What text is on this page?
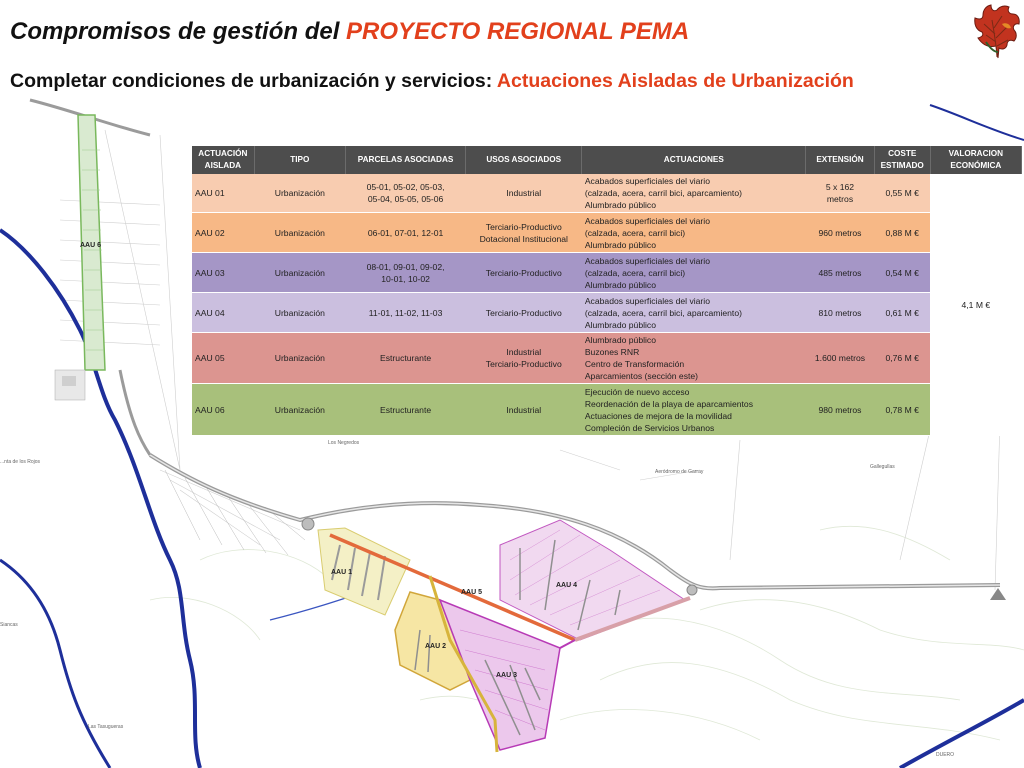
Compromisos de gestión del PROYECTO REGIONAL PEMA
Completar condiciones de urbanización y servicios: Actuaciones Aisladas de Urbanización
AAU 6
AAU 1
AAU 5
AAU 4
AAU 2
AAU 3
Los Negredos
Aeródromo de Garray
Gallegullas
...nta de los Rojos
Siancas
Las Tasugueras
DUERO
ACTUACIÓN AISLADA	TIPO	PARCELAS ASOCIADAS	USOS ASOCIADOS	ACTUACIONES	EXTENSIÓN	COSTE ESTIMADO	VALORACION ECONÓMICA
AAU 01	Urbanización	05-01, 05-02, 05-03,
05-04, 05-05, 05-06	Industrial	Acabados superficiales del viario
(calzada, acera, carril bici, aparcamiento)
Alumbrado público	5 x 162
metros	0,55 M €	4,1 M €
AAU 02	Urbanización	06-01, 07-01, 12-01	Terciario-Productivo
Dotacional Institucional	Acabados superficiales del viario
(calzada, acera, carril bici)
Alumbrado público	960 metros	0,88 M €	
AAU 03	Urbanización	08-01, 09-01, 09-02,
10-01, 10-02	Terciario-Productivo	Acabados superficiales del viario
(calzada, acera, carril bici)
Alumbrado público	485 metros	0,54 M €	
AAU 04	Urbanización	11-01, 11-02, 11-03	Terciario-Productivo	Acabados superficiales del viario
(calzada, acera, carril bici, aparcamiento)
Alumbrado público	810 metros	0,61 M €	
AAU 05	Urbanización	Estructurante	Industrial
Terciario-Productivo	Alumbrado público
Buzones RNR
Centro de Transformación
Aparcamientos (sección este)	1.600 metros	0,76 M €	
AAU 06	Urbanización	Estructurante	Industrial	Ejecución de nuevo acceso
Reordenación de la playa de aparcamientos
Actuaciones de mejora de la movilidad
Compleción de Servicios Urbanos	980 metros	0,78 M €	
